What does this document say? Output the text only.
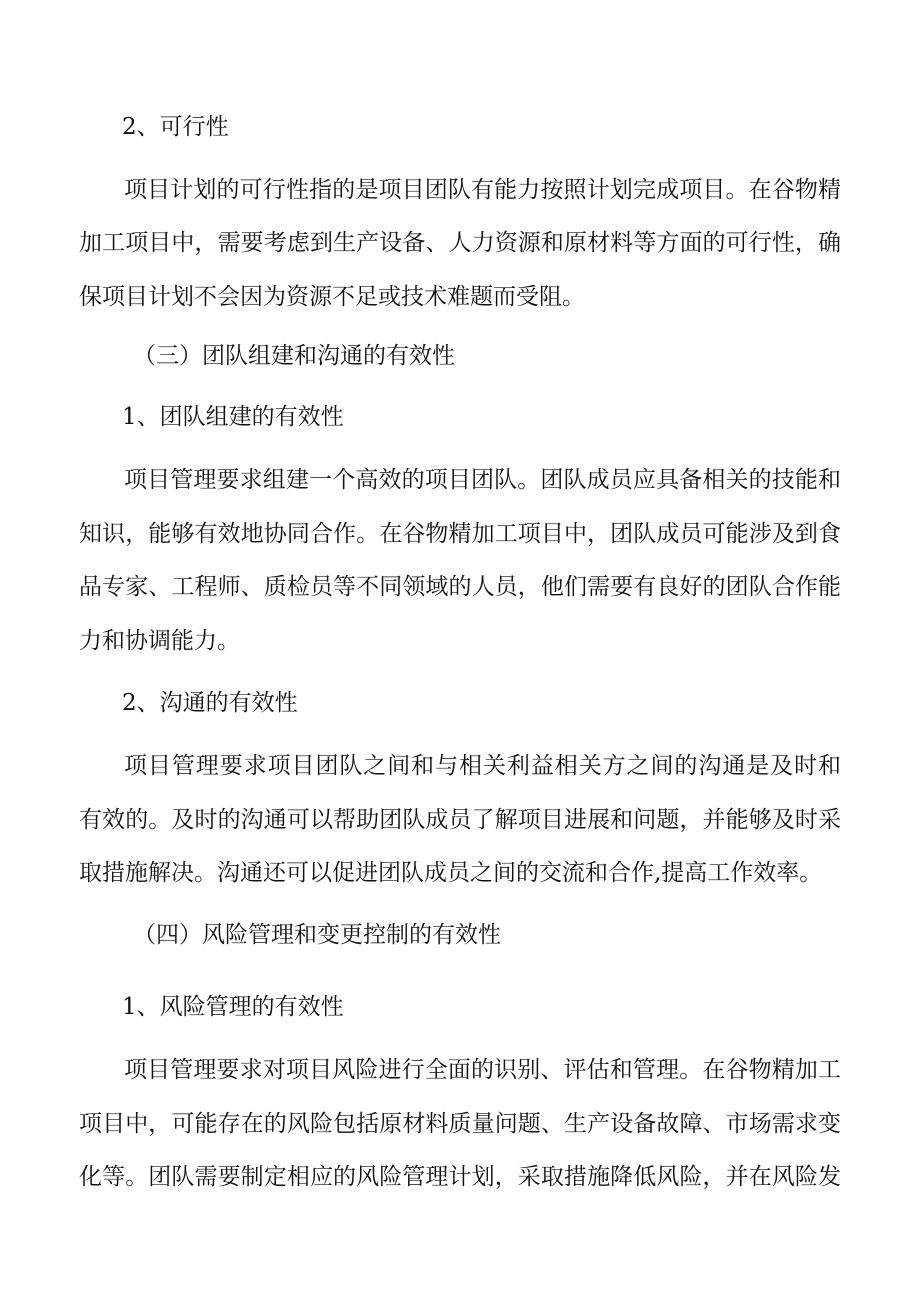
2、可行性

项目计划的可行性指的是项目团队有能力按照计划完成项目。在谷物精

加工项目中，需要考虑到生产设备、人力资源和原材料等方面的可行性，确

保项目计划不会因为资源不足或技术难题而受阻。

（三）团队组建和沟通的有效性

1、团队组建的有效性

项目管理要求组建一个高效的项目团队。团队成员应具备相关的技能和

知识，能够有效地协同合作。在谷物精加工项目中，团队成员可能涉及到食

品专家、工程师、质检员等不同领域的人员，他们需要有良好的团队合作能

力和协调能力。

2、沟通的有效性

项目管理要求项目团队之间和与相关利益相关方之间的沟通是及时和

有效的。及时的沟通可以帮助团队成员了解项目进展和问题，并能够及时采

取措施解决。沟通还可以促进团队成员之间的交流和合作,提高工作效率。

（四）风险管理和变更控制的有效性

1、风险管理的有效性

项目管理要求对项目风险进行全面的识别、评估和管理。在谷物精加工

项目中，可能存在的风险包括原材料质量问题、生产设备故障、市场需求变

化等。团队需要制定相应的风险管理计划，采取措施降低风险，并在风险发
